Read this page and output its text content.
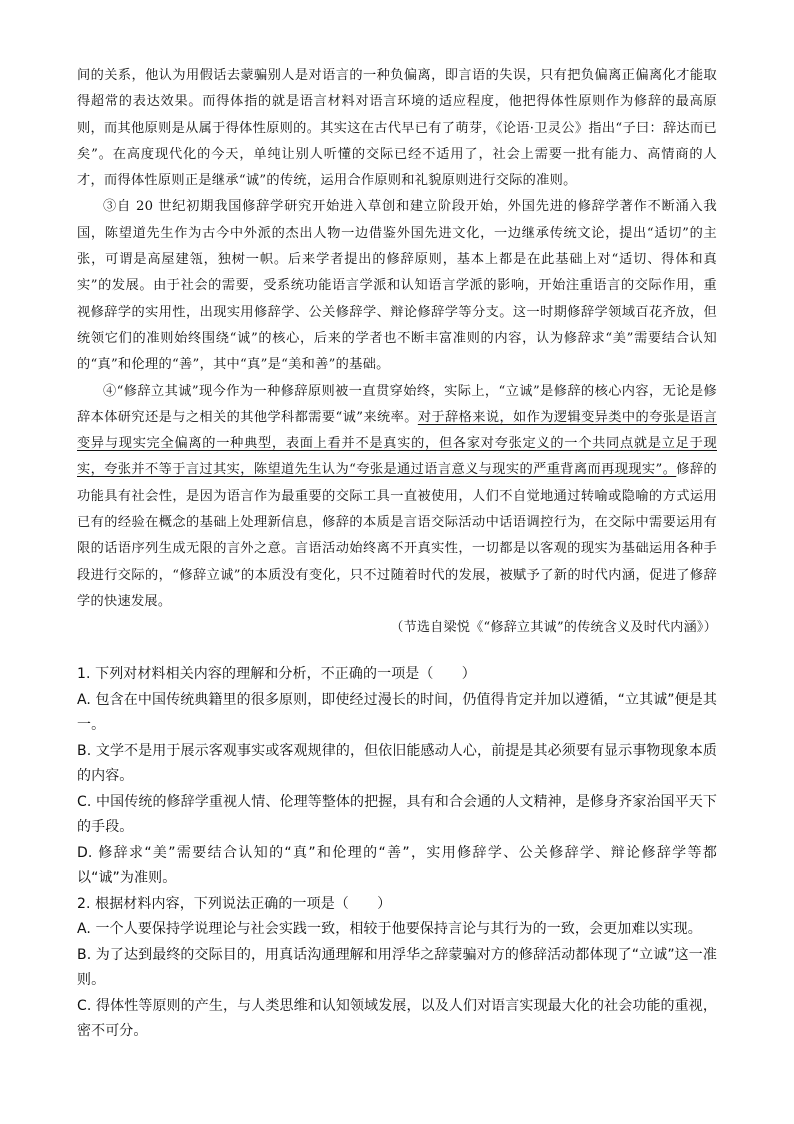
间的关系，他认为用假话去蒙骗别人是对语言的一种负偏离，即言语的失误，只有把负偏离正偏离化才能取得超常的表达效果。而得体指的就是语言材料对语言环境的适应程度，他把得体性原则作为修辞的最高原则，而其他原则是从属于得体性原则的。其实这在古代早已有了萌芽，《论语·卫灵公》指出“子曰：辞达而已矣”。在高度现代化的今天，单纯让别人听懂的交际已经不适用了，社会上需要一批有能力、高情商的人才，而得体性原则正是继承“诚”的传统，运用合作原则和礼貌原则进行交际的准则。

③自 20 世纪初期我国修辞学研究开始进入草创和建立阶段开始，外国先进的修辞学著作不断涌入我国，陈望道先生作为古今中外派的杰出人物一边借鉴外国先进文化，一边继承传统文论，提出“适切”的主张，可谓是高屋建瓴，独树一帜。后来学者提出的修辞原则，基本上都是在此基础上对“适切、得体和真实”的发展。由于社会的需要，受系统功能语言学派和认知语言学派的影响，开始注重语言的交际作用，重视修辞学的实用性，出现实用修辞学、公关修辞学、辩论修辞学等分支。这一时期修辞学领域百花齐放，但统领它们的准则始终围绕“诚”的核心，后来的学者也不断丰富准则的内容，认为修辞求“美”需要结合认知的“真”和伦理的“善”，其中“真”是“美和善”的基础。

④“修辞立其诚”现今作为一种修辞原则被一直贯穿始终，实际上，“立诚”是修辞的核心内容，无论是修辞本体研究还是与之相关的其他学科都需要“诚”来统率。对于辞格来说，如作为逻辑变异类中的夸张是语言变异与现实完全偏离的一种典型，表面上看并不是真实的，但各家对夸张定义的一个共同点就是立足于现实，夸张并不等于言过其实，陈望道先生认为“夸张是通过语言意义与现实的严重背离而再现现实”。修辞的功能具有社会性，是因为语言作为最重要的交际工具一直被使用，人们不自觉地通过转喻或隐喻的方式运用已有的经验在概念的基础上处理新信息，修辞的本质是言语交际活动中话语调控行为，在交际中需要运用有限的话语序列生成无限的言外之意。言语活动始终离不开真实性，一切都是以客观的现实为基础运用各种手段进行交际的，“修辞立诚”的本质没有变化，只不过随着时代的发展，被赋予了新的时代内涵，促进了修辞学的快速发展。

（节选自梁悦《“修辞立其诚”的传统含义及时代内涵》）

1. 下列对材料相关内容的理解和分析，不正确的一项是（　　）

A. 包含在中国传统典籍里的很多原则，即使经过漫长的时间，仍值得肯定并加以遵循，“立其诚”便是其一。

B. 文学不是用于展示客观事实或客观规律的，但依旧能感动人心，前提是其必须要有显示事物现象本质的内容。

C. 中国传统的修辞学重视人情、伦理等整体的把握，具有和合会通的人文精神，是修身齐家治国平天下的手段。

D. 修辞求“美”需要结合认知的“真”和伦理的“善”，实用修辞学、公关修辞学、辩论修辞学等都以“诚”为准则。

2. 根据材料内容，下列说法正确的一项是（　　）

A. 一个人要保持学说理论与社会实践一致，相较于他要保持言论与其行为的一致，会更加难以实现。

B. 为了达到最终的交际目的，用真话沟通理解和用浮华之辞蒙骗对方的修辞活动都体现了“立诚”这一准则。

C. 得体性等原则的产生，与人类思维和认知领域发展，以及人们对语言实现最大化的社会功能的重视，密不可分。
